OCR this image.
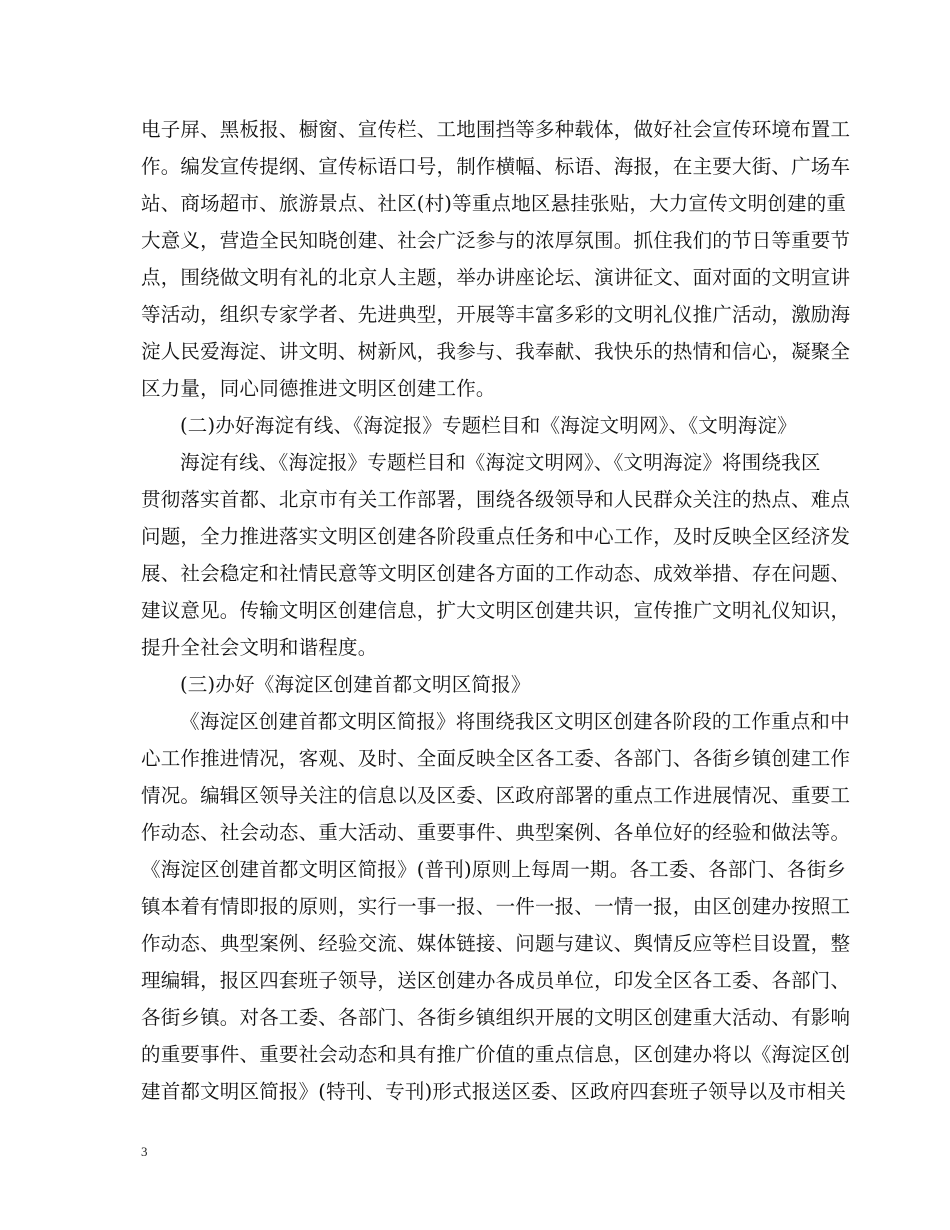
电子屏、黑板报、橱窗、宣传栏、工地围挡等多种载体，做好社会宣传环境布置工
作。编发宣传提纲、宣传标语口号，制作横幅、标语、海报，在主要大街、广场车
站、商场超市、旅游景点、社区(村)等重点地区悬挂张贴，大力宣传文明创建的重
大意义，营造全民知晓创建、社会广泛参与的浓厚氛围。抓住我们的节日等重要节
点，围绕做文明有礼的北京人主题，举办讲座论坛、演讲征文、面对面的文明宣讲
等活动，组织专家学者、先进典型，开展等丰富多彩的文明礼仪推广活动，激励海
淀人民爱海淀、讲文明、树新风，我参与、我奉献、我快乐的热情和信心，凝聚全
区力量，同心同德推进文明区创建工作。
(二)办好海淀有线、《海淀报》专题栏目和《海淀文明网》、《文明海淀》
海淀有线、《海淀报》专题栏目和《海淀文明网》、《文明海淀》将围绕我区
贯彻落实首都、北京市有关工作部署，围绕各级领导和人民群众关注的热点、难点
问题，全力推进落实文明区创建各阶段重点任务和中心工作，及时反映全区经济发
展、社会稳定和社情民意等文明区创建各方面的工作动态、成效举措、存在问题、
建议意见。传输文明区创建信息，扩大文明区创建共识，宣传推广文明礼仪知识，
提升全社会文明和谐程度。
(三)办好《海淀区创建首都文明区简报》
《海淀区创建首都文明区简报》将围绕我区文明区创建各阶段的工作重点和中
心工作推进情况，客观、及时、全面反映全区各工委、各部门、各街乡镇创建工作
情况。编辑区领导关注的信息以及区委、区政府部署的重点工作进展情况、重要工
作动态、社会动态、重大活动、重要事件、典型案例、各单位好的经验和做法等。
《海淀区创建首都文明区简报》(普刊)原则上每周一期。各工委、各部门、各街乡
镇本着有情即报的原则，实行一事一报、一件一报、一情一报，由区创建办按照工
作动态、典型案例、经验交流、媒体链接、问题与建议、舆情反应等栏目设置，整
理编辑，报区四套班子领导，送区创建办各成员单位，印发全区各工委、各部门、
各街乡镇。对各工委、各部门、各街乡镇组织开展的文明区创建重大活动、有影响
的重要事件、重要社会动态和具有推广价值的重点信息，区创建办将以《海淀区创
建首都文明区简报》(特刊、专刊)形式报送区委、区政府四套班子领导以及市相关
3
